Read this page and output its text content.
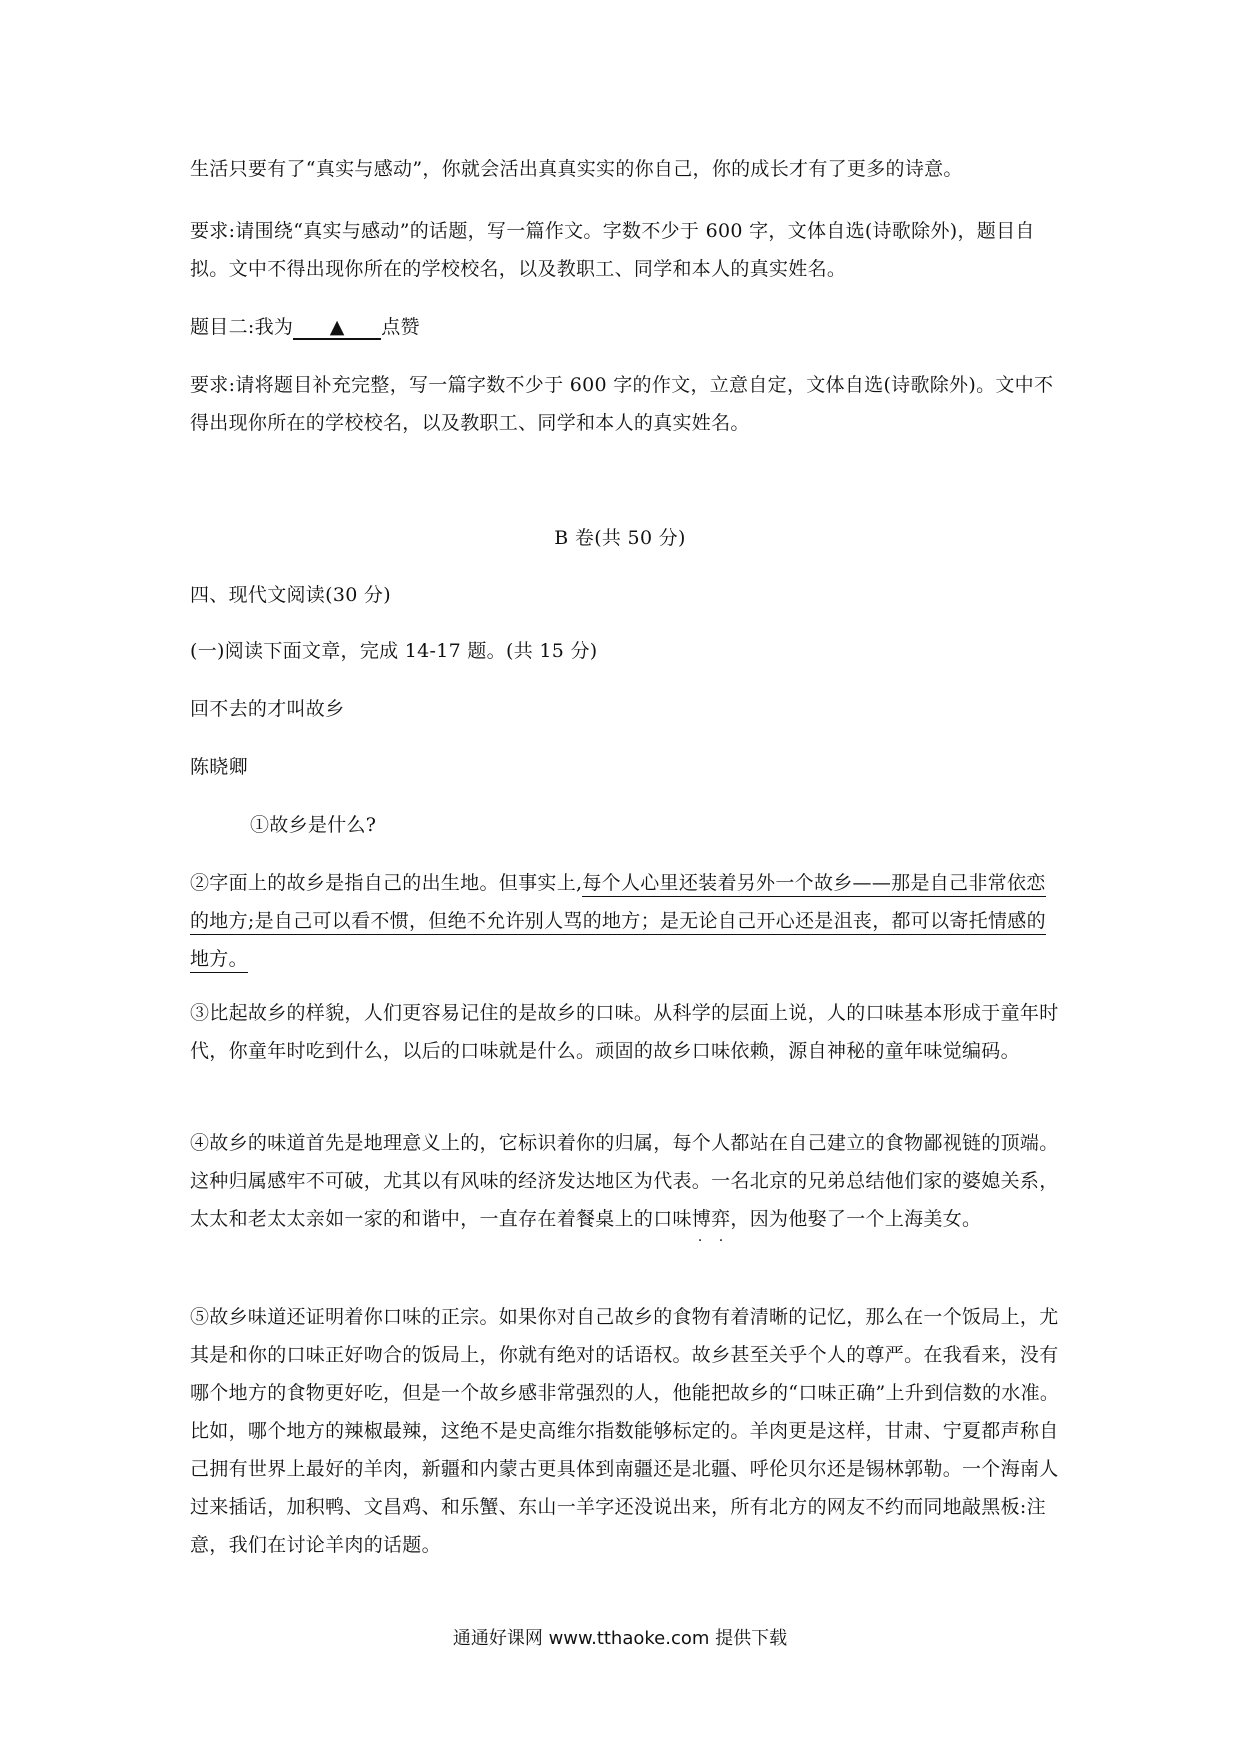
生活只要有了“真实与感动”，你就会活出真真实实的你自己，你的成长才有了更多的诗意。
要求:请围绕“真实与感动”的话题，写一篇作文。字数不少于 600 字，文体自选(诗歌除外)，题目自拟。文中不得出现你所在的学校校名，以及教职工、同学和本人的真实姓名。
题目二:我为 ▲ 点赞
要求:请将题目补充完整，写一篇字数不少于 600 字的作文，立意自定，文体自选(诗歌除外)。文中不得出现你所在的学校校名，以及教职工、同学和本人的真实姓名。
B 卷(共 50 分)
四、现代文阅读(30 分)
(一)阅读下面文章，完成 14-17 题。(共 15 分)
回不去的才叫故乡
陈晓卿
①故乡是什么?
②字面上的故乡是指自己的出生地。但事实上,每个人心里还装着另外一个故乡——那是自己非常依恋的地方;是自己可以看不惯，但绝不允许别人骂的地方；是无论自己开心还是沮丧，都可以寄托情感的地方。
③比起故乡的样貌，人们更容易记住的是故乡的口味。从科学的层面上说，人的口味基本形成于童年时代，你童年时吃到什么，以后的口味就是什么。顽固的故乡口味依赖，源自神秘的童年味觉编码。
④故乡的味道首先是地理意义上的，它标识着你的归属，每个人都站在自己建立的食物鄙视链的顶端。这种归属感牢不可破，尤其以有风味的经济发达地区为代表。一名北京的兄弟总结他们家的婆媳关系，太太和老太太亲如一家的和谐中，一直存在着餐桌上的口味博弈 · ·，因为他娶了一个上海美女。
⑤故乡味道还证明着你口味的正宗。如果你对自己故乡的食物有着清晰的记忆，那么在一个饭局上，尤其是和你的口味正好吻合的饭局上，你就有绝对的话语权。故乡甚至关乎个人的尊严。在我看来，没有哪个地方的食物更好吃，但是一个故乡感非常强烈的人，他能把故乡的“口味正确”上升到信数的水准。比如，哪个地方的辣椒最辣，这绝不是史高维尔指数能够标定的。羊肉更是这样，甘肃、宁夏都声称自己拥有世界上最好的羊肉，新疆和内蒙古更具体到南疆还是北疆、呼伦贝尔还是锡林郭勒。一个海南人过来插话，加积鸭、文昌鸡、和乐蟹、东山一羊字还没说出来，所有北方的网友不约而同地敲黑板:注意，我们在讨论羊肉的话题。
通通好课网 www.tthaoke.com 提供下载
